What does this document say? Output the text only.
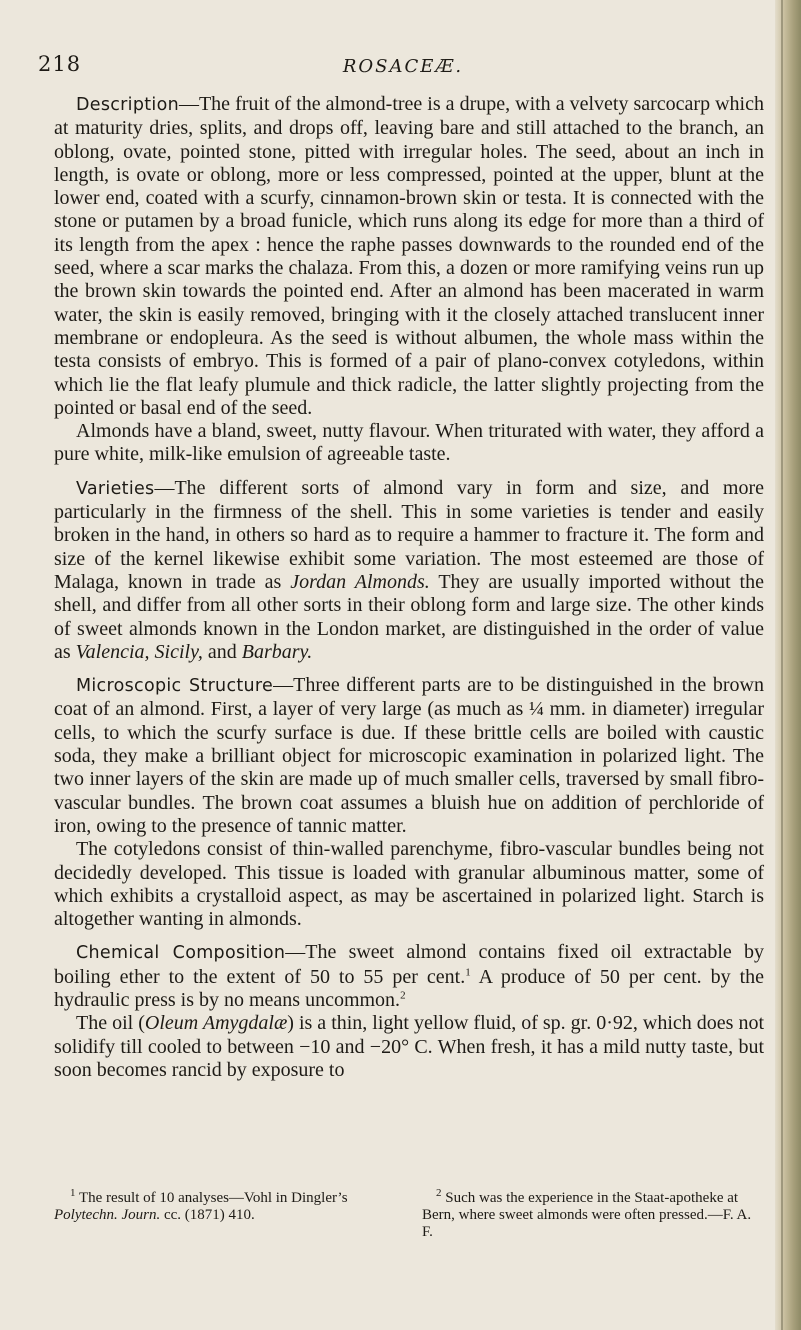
218	ROSACEÆ.

Description—The fruit of the almond-tree is a drupe, with a velvety sarcocarp which at maturity dries, splits, and drops off, leaving bare and still attached to the branch, an oblong, ovate, pointed stone, pitted with irregular holes. The seed, about an inch in length, is ovate or oblong, more or less compressed, pointed at the upper, blunt at the lower end, coated with a scurfy, cinnamon-brown skin or testa. It is connected with the stone or putamen by a broad funicle, which runs along its edge for more than a third of its length from the apex : hence the raphe passes downwards to the rounded end of the seed, where a scar marks the chalaza. From this, a dozen or more ramifying veins run up the brown skin towards the pointed end. After an almond has been macerated in warm water, the skin is easily removed, bringing with it the closely attached translucent inner membrane or endopleura. As the seed is without albumen, the whole mass within the testa consists of embryo. This is formed of a pair of plano-convex cotyledons, within which lie the flat leafy plumule and thick radicle, the latter slightly projecting from the pointed or basal end of the seed.

Almonds have a bland, sweet, nutty flavour. When triturated with water, they afford a pure white, milk-like emulsion of agreeable taste.

Varieties—The different sorts of almond vary in form and size, and more particularly in the firmness of the shell. This in some varieties is tender and easily broken in the hand, in others so hard as to require a hammer to fracture it. The form and size of the kernel likewise exhibit some variation. The most esteemed are those of Malaga, known in trade as Jordan Almonds. They are usually imported without the shell, and differ from all other sorts in their oblong form and large size. The other kinds of sweet almonds known in the London market, are distinguished in the order of value as Valencia, Sicily, and Barbary.

Microscopic Structure—Three different parts are to be distinguished in the brown coat of an almond. First, a layer of very large (as much as ¼ mm. in diameter) irregular cells, to which the scurfy surface is due. If these brittle cells are boiled with caustic soda, they make a brilliant object for microscopic examination in polarized light. The two inner layers of the skin are made up of much smaller cells, traversed by small fibro-vascular bundles. The brown coat assumes a bluish hue on addition of perchloride of iron, owing to the presence of tannic matter.

The cotyledons consist of thin-walled parenchyme, fibro-vascular bundles being not decidedly developed. This tissue is loaded with granular albuminous matter, some of which exhibits a crystalloid aspect, as may be ascertained in polarized light. Starch is altogether wanting in almonds.

Chemical Composition—The sweet almond contains fixed oil extractable by boiling ether to the extent of 50 to 55 per cent.$^1$ A produce of 50 per cent. by the hydraulic press is by no means uncommon.$^2$

The oil (Oleum Amygdalæ) is a thin, light yellow fluid, of sp. gr. 0·92, which does not solidify till cooled to between −10 and −20° C. When fresh, it has a mild nutty taste, but soon becomes rancid by exposure to

$^1$ The result of 10 analyses—Vohl in Dingler’s Polytechn. Journ. cc. (1871) 410.
$^2$ Such was the experience in the Staat-apotheke at Bern, where sweet almonds were often pressed.—F. A. F.
